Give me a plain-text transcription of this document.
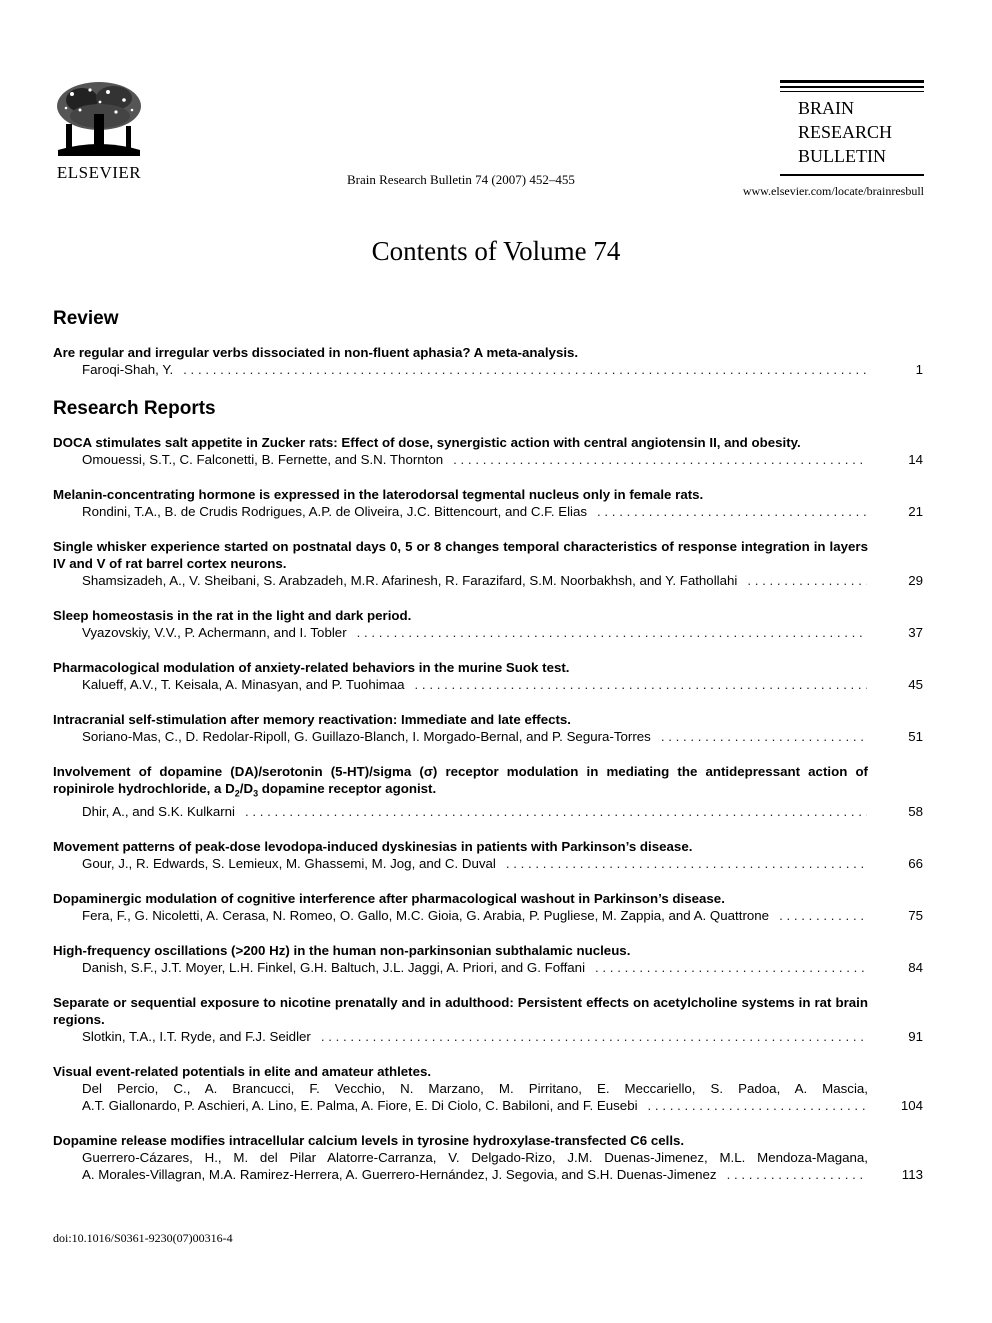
ELSEVIER	Brain Research Bulletin 74 (2007) 452–455
BRAIN
RESEARCH
BULLETIN
www.elsevier.com/locate/brainresbull
Contents of Volume 74
Review
Are regular and irregular verbs dissociated in non-fluent aphasia? A meta-analysis.
Faroqi-Shah, Y. . . .	1
Research Reports
DOCA stimulates salt appetite in Zucker rats: Effect of dose, synergistic action with central angiotensin II, and obesity.
Omouessi, S.T., C. Falconetti, B. Fernette, and S.N. Thornton . . .	14
Melanin-concentrating hormone is expressed in the laterodorsal tegmental nucleus only in female rats.
Rondini, T.A., B. de Crudis Rodrigues, A.P. de Oliveira, J.C. Bittencourt, and C.F. Elias . . .	21
Single whisker experience started on postnatal days 0, 5 or 8 changes temporal characteristics of response integration in layers IV and V of rat barrel cortex neurons.
Shamsizadeh, A., V. Sheibani, S. Arabzadeh, M.R. Afarinesh, R. Farazifard, S.M. Noorbakhsh, and Y. Fathollahi . . .	29
Sleep homeostasis in the rat in the light and dark period.
Vyazovskiy, V.V., P. Achermann, and I. Tobler . . .	37
Pharmacological modulation of anxiety-related behaviors in the murine Suok test.
Kalueff, A.V., T. Keisala, A. Minasyan, and P. Tuohimaa . . .	45
Intracranial self-stimulation after memory reactivation: Immediate and late effects.
Soriano-Mas, C., D. Redolar-Ripoll, G. Guillazo-Blanch, I. Morgado-Bernal, and P. Segura-Torres . . .	51
Involvement of dopamine (DA)/serotonin (5-HT)/sigma (σ) receptor modulation in mediating the antidepressant action of ropinirole hydrochloride, a $D_2/D_3$ dopamine receptor agonist.
Dhir, A., and S.K. Kulkarni . . .	58
Movement patterns of peak-dose levodopa-induced dyskinesias in patients with Parkinson’s disease.
Gour, J., R. Edwards, S. Lemieux, M. Ghassemi, M. Jog, and C. Duval . . .	66
Dopaminergic modulation of cognitive interference after pharmacological washout in Parkinson’s disease.
Fera, F., G. Nicoletti, A. Cerasa, N. Romeo, O. Gallo, M.C. Gioia, G. Arabia, P. Pugliese, M. Zappia, and A. Quattrone . . .	75
High-frequency oscillations (>200 Hz) in the human non-parkinsonian subthalamic nucleus.
Danish, S.F., J.T. Moyer, L.H. Finkel, G.H. Baltuch, J.L. Jaggi, A. Priori, and G. Foffani . . .	84
Separate or sequential exposure to nicotine prenatally and in adulthood: Persistent effects on acetylcholine systems in rat brain regions.
Slotkin, T.A., I.T. Ryde, and F.J. Seidler . . .	91
Visual event-related potentials in elite and amateur athletes.
Del Percio, C., A. Brancucci, F. Vecchio, N. Marzano, M. Pirritano, E. Meccariello, S. Padoa, A. Mascia,
A.T. Giallonardo, P. Aschieri, A. Lino, E. Palma, A. Fiore, E. Di Ciolo, C. Babiloni, and F. Eusebi . . .	104
Dopamine release modifies intracellular calcium levels in tyrosine hydroxylase-transfected C6 cells.
Guerrero-Cázares, H., M. del Pilar Alatorre-Carranza, V. Delgado-Rizo, J.M. Duenas-Jimenez, M.L. Mendoza-Magana,
A. Morales-Villagran, M.A. Ramirez-Herrera, A. Guerrero-Hernández, J. Segovia, and S.H. Duenas-Jimenez . . .	113
doi:10.1016/S0361-9230(07)00316-4
